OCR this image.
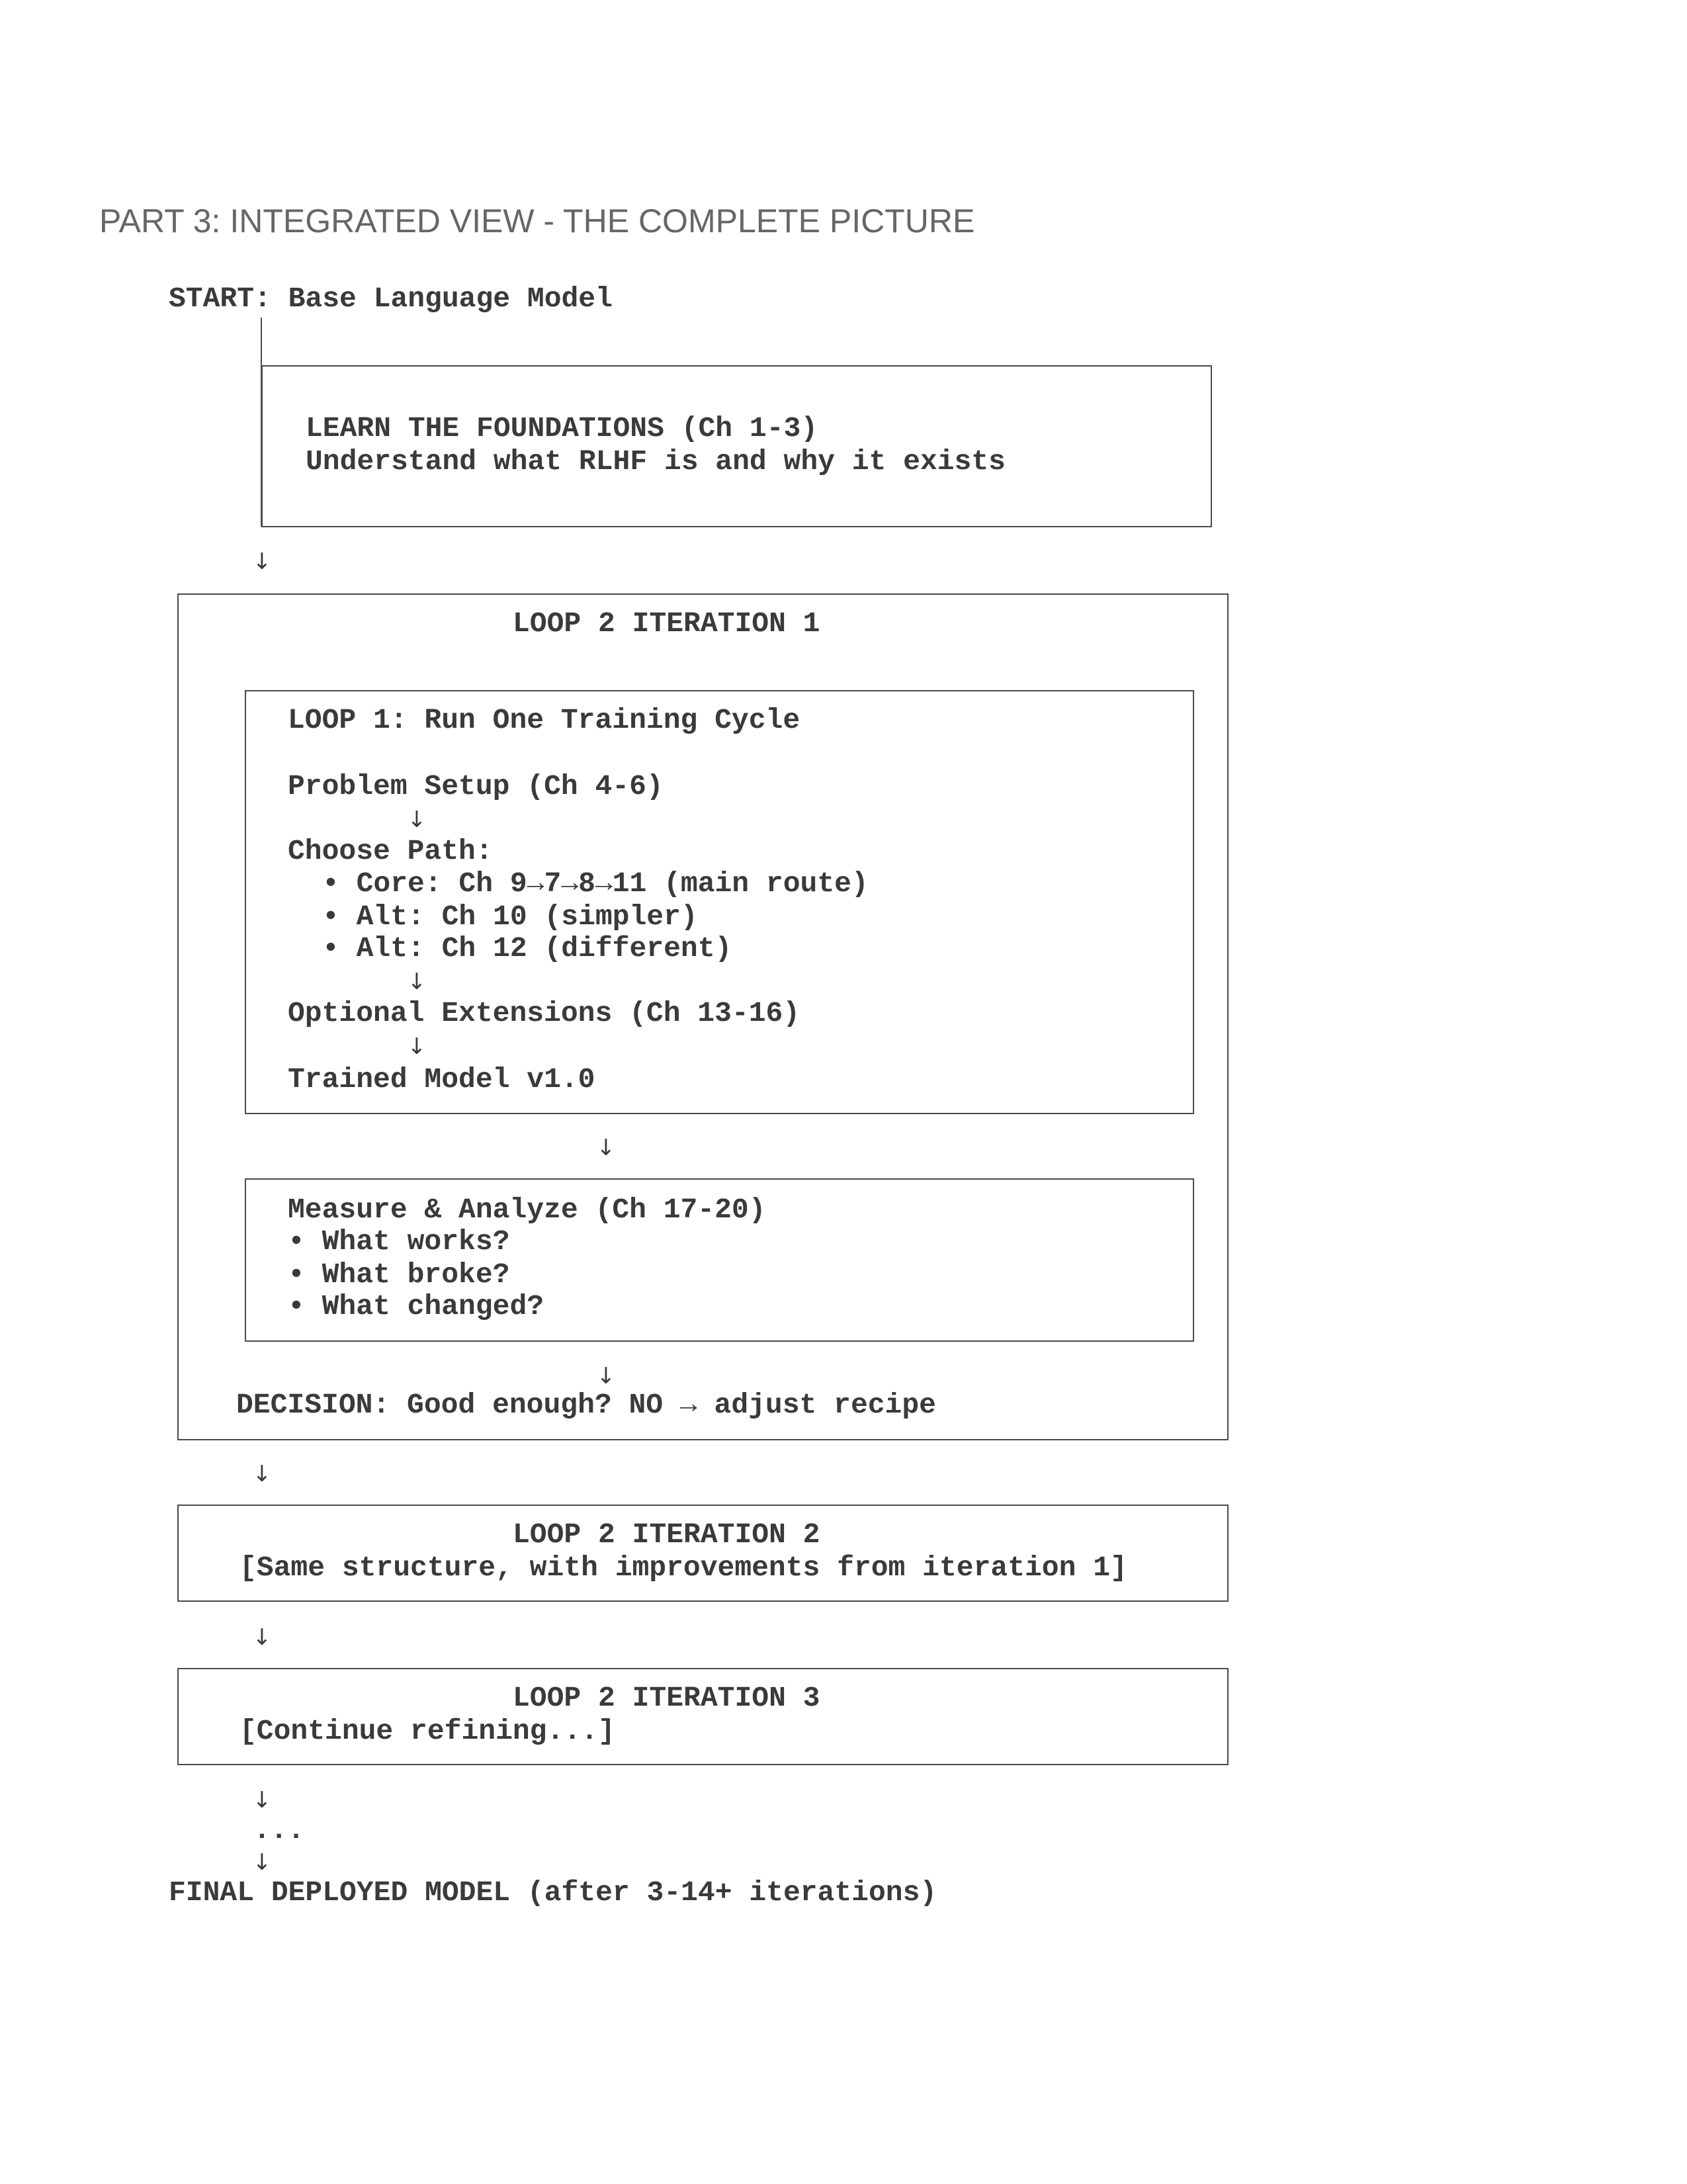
PART 3: INTEGRATED VIEW - THE COMPLETE PICTURE
START: Base Language Model
LEARN THE FOUNDATIONS (Ch 1-3)
Understand what RLHF is and why it exists
↓
LOOP 2 ITERATION 1
LOOP 1: Run One Training Cycle
Problem Setup (Ch 4-6)
↓
Choose Path:
• Core: Ch 9→7→8→11 (main route)
• Alt: Ch 10 (simpler)
• Alt: Ch 12 (different)
↓
Optional Extensions (Ch 13-16)
↓
Trained Model v1.0
↓
Measure & Analyze (Ch 17-20)
• What works?
• What broke?
• What changed?
↓
DECISION: Good enough? NO → adjust recipe
↓
LOOP 2 ITERATION 2
[Same structure, with improvements from iteration 1]
↓
LOOP 2 ITERATION 3
[Continue refining...]
↓
...
↓
FINAL DEPLOYED MODEL (after 3-14+ iterations)
